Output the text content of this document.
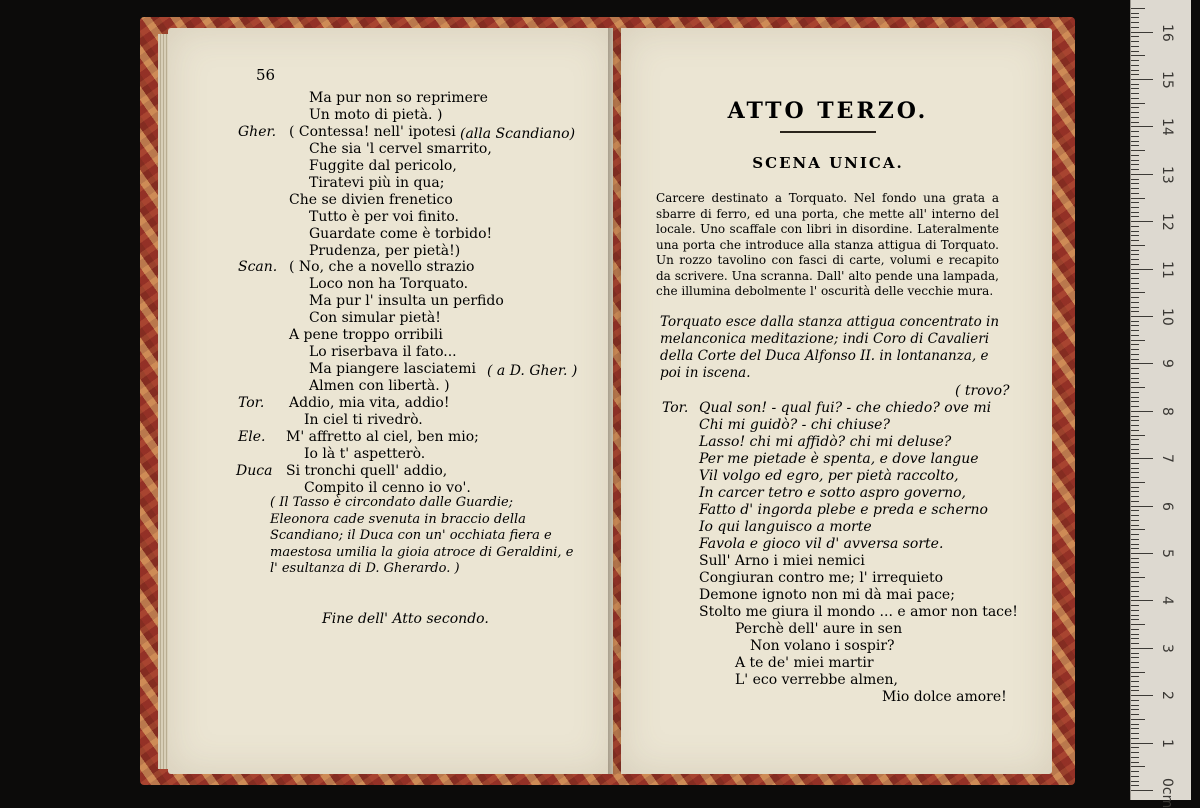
56
Ma pur non so reprimere
Un moto di pietà. )
Gher. ( Contessa! nell' ipotesi (alla Scandiano)
Che sia 'l cervel smarrito,
Fuggite dal pericolo,
Tiratevi più in qua;
Che se divien frenetico
Tutto è per voi finito.
Guardate come è torbido!
Prudenza, per pietà!)
Scan. ( No, che a novello strazio
Loco non ha Torquato.
Ma pur l' insulta un perfido
Con simular pietà!
A pene troppo orribili
Lo riserbava il fato...
Ma piangere lasciatemi ( a D. Gher. )
Almen con libertà. )
Tor. Addio, mia vita, addio!
In ciel ti rivedrò.
Ele. M' affretto al ciel, ben mio;
Io là t' aspetterò.
Duca Si tronchi quell' addio,
Compito il cenno io vo'.
( Il Tasso è circondato dalle Guardie; Eleonora cade svenuta in braccio della Scandiano; il Duca con un' occhiata fiera e maestosa umilia la gioia atroce di Geraldini, e l' esultanza di D. Gherardo. )
Fine dell' Atto secondo.
ATTO TERZO.
SCENA UNICA.
Carcere destinato a Torquato. Nel fondo una grata a sbarre di ferro, ed una porta, che mette all' interno del locale. Uno scaffale con libri in disordine. Lateralmente una porta che introduce alla stanza attigua di Torquato. Un rozzo tavolino con fasci di carte, volumi e recapito da scrivere. Una scranna. Dall' alto pende una lampada, che illumina debolmente l' oscurità delle vecchie mura.
Torquato esce dalla stanza attigua concentrato in melanconica meditazione; indi Coro di Cavalieri della Corte del Duca Alfonso II. in lontananza, e poi in iscena.
( trovo?
Tor. Qual son! - qual fui? - che chiedo? ove mi
Chi mi guidò? - chi chiuse?
Lasso! chi mi affidò? chi mi deluse?
Per me pietade è spenta, e dove langue
Vil volgo ed egro, per pietà raccolto,
In carcer tetro e sotto aspro governo,
Fatto d' ingorda plebe e preda e scherno
Io qui languisco a morte
Favola e gioco vil d' avversa sorte.
Sull' Arno i miei nemici
Congiuran contro me; l' irrequieto
Demone ignoto non mi dà mai pace;
Stolto me giura il mondo ... e amor non tace!
Perchè dell' aure in sen
Non volano i sospir?
A te de' miei martir
L' eco verrebbe almen,
Mio dolce amore!
0cm
1
2
3
4
5
6
7
8
9
10
11
12
13
14
15
16
